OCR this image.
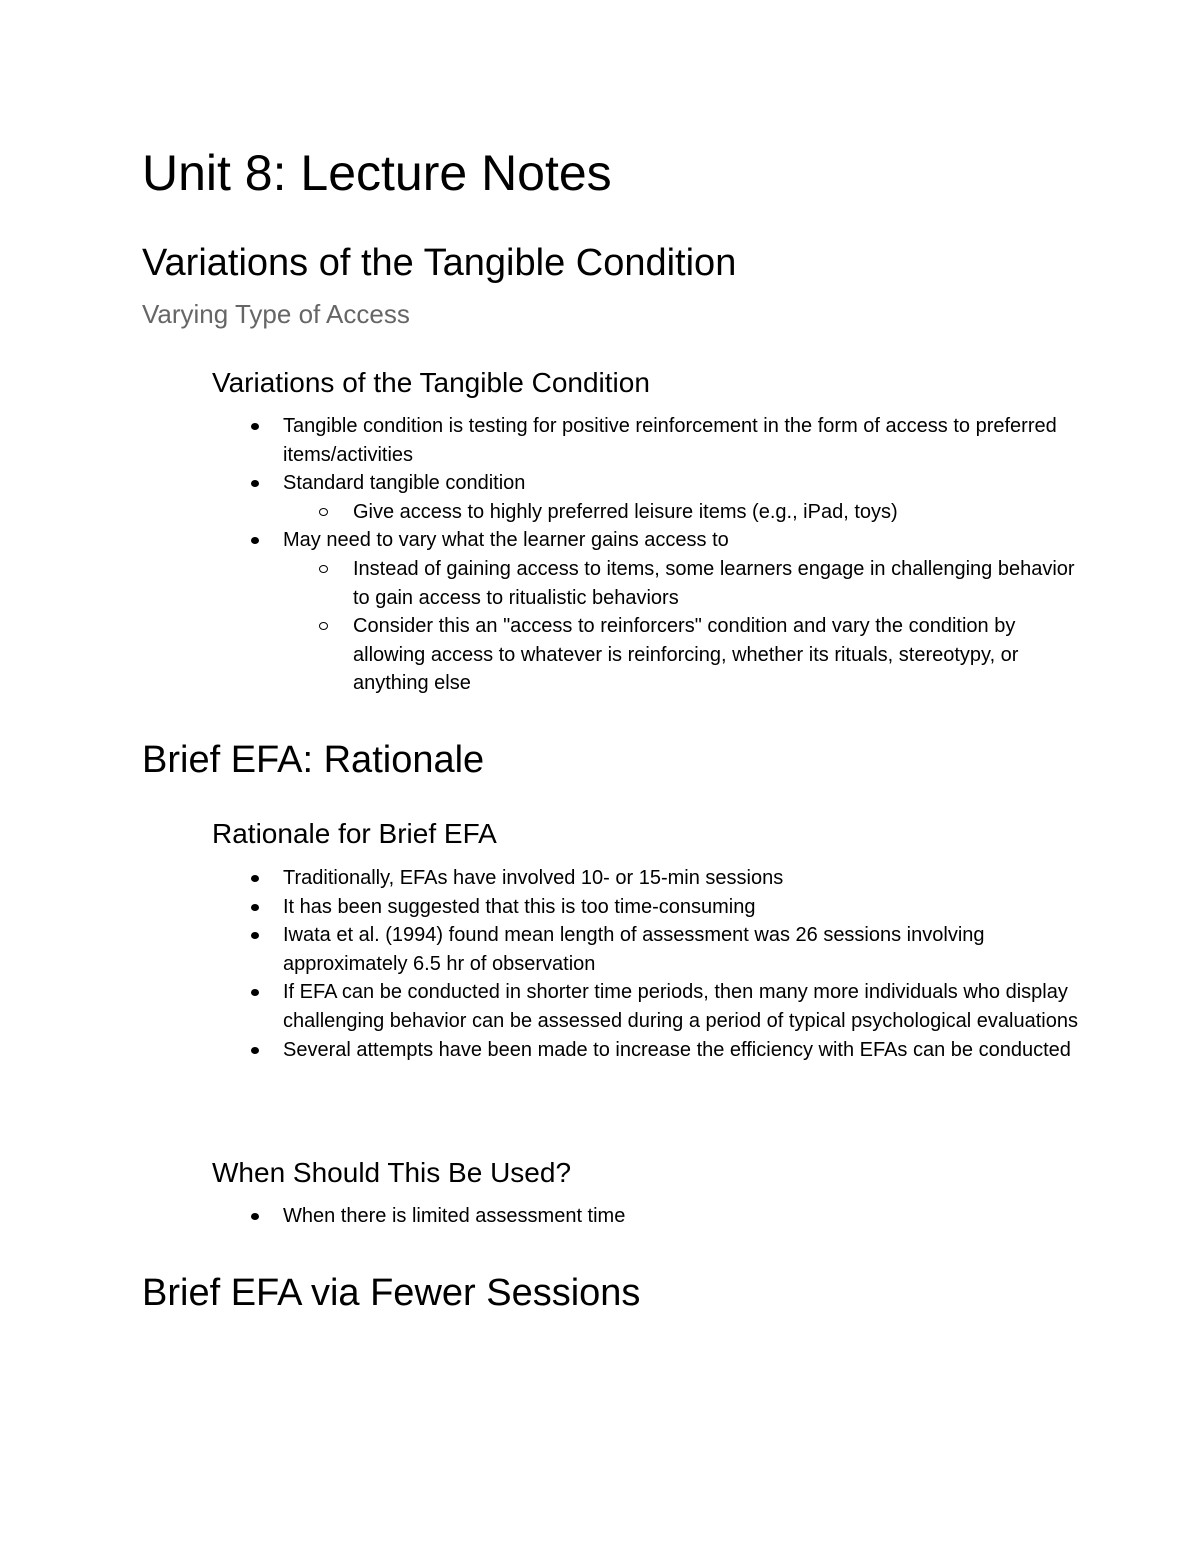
Unit 8: Lecture Notes
Variations of the Tangible Condition
Varying Type of Access
Variations of the Tangible Condition
Tangible condition is testing for positive reinforcement in the form of access to preferred items/activities
Standard tangible condition
Give access to highly preferred leisure items (e.g., iPad, toys)
May need to vary what the learner gains access to
Instead of gaining access to items, some learners engage in challenging behavior to gain access to ritualistic behaviors
Consider this an "access to reinforcers" condition and vary the condition by allowing access to whatever is reinforcing, whether its rituals, stereotypy, or anything else
Brief EFA: Rationale
Rationale for Brief EFA
Traditionally, EFAs have involved 10- or 15-min sessions
It has been suggested that this is too time-consuming
Iwata et al. (1994) found mean length of assessment was 26 sessions involving approximately 6.5 hr of observation
If EFA can be conducted in shorter time periods, then many more individuals who display challenging behavior can be assessed during a period of typical psychological evaluations
Several attempts have been made to increase the efficiency with EFAs can be conducted
When Should This Be Used?
When there is limited assessment time
Brief EFA via Fewer Sessions
